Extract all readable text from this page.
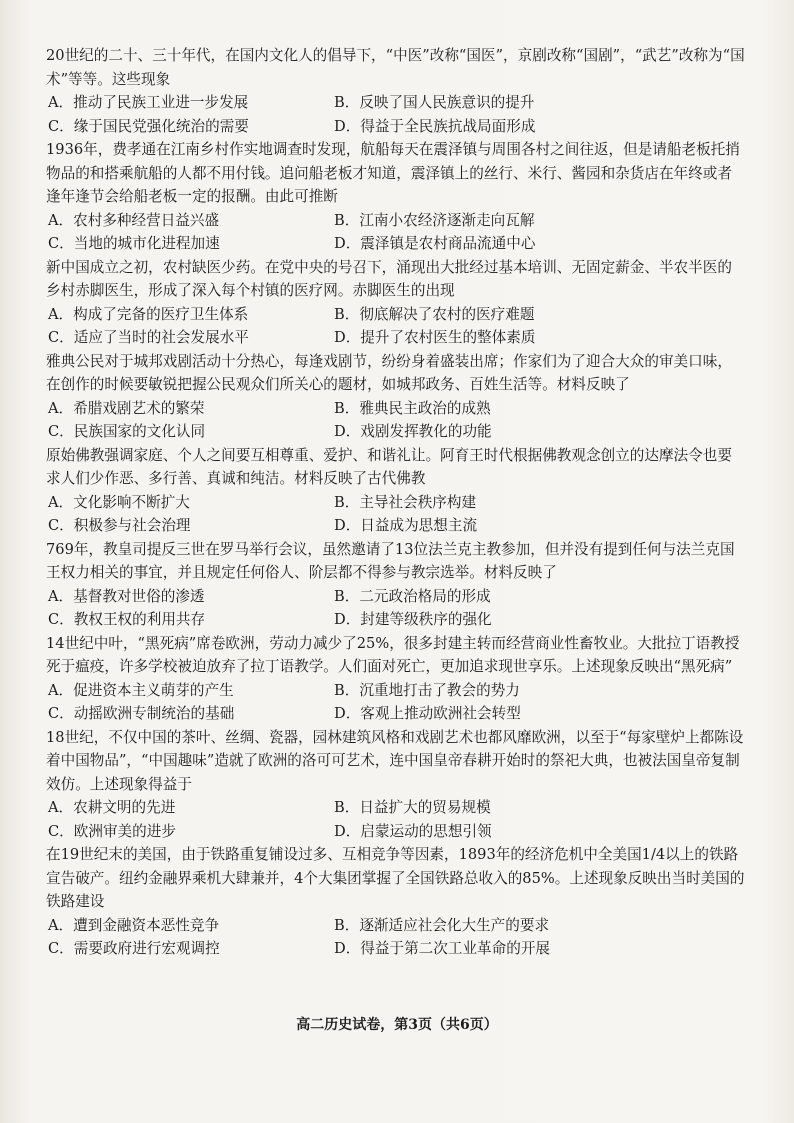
20世纪的二十、三十年代，在国内文化人的倡导下，“中医”改称“国医”，京剧改称“国剧”，“武艺”改称为“国术”等等。这些现象

A．推动了民族工业进一步发展	B．反映了国人民族意识的提升
C．缘于国民党强化统治的需要	D．得益于全民族抗战局面形成

1936年，费孝通在江南乡村作实地调查时发现，航船每天在震泽镇与周围各村之间往返，但是请船老板托捎物品的和搭乘航船的人都不用付钱。追问船老板才知道，震泽镇上的丝行、米行、酱园和杂货店在年终或者逢年逢节会给船老板一定的报酬。由此可推断

A．农村多种经营日益兴盛	B．江南小农经济逐渐走向瓦解
C．当地的城市化进程加速	D．震泽镇是农村商品流通中心

新中国成立之初，农村缺医少药。在党中央的号召下，涌现出大批经过基本培训、无固定薪金、半农半医的乡村赤脚医生，形成了深入每个村镇的医疗网。赤脚医生的出现

A．构成了完备的医疗卫生体系	B．彻底解决了农村的医疗难题
C．适应了当时的社会发展水平	D．提升了农村医生的整体素质

雅典公民对于城邦戏剧活动十分热心，每逢戏剧节，纷纷身着盛装出席；作家们为了迎合大众的审美口味，在创作的时候要敏锐把握公民观众们所关心的题材，如城邦政务、百姓生活等。材料反映了

A．希腊戏剧艺术的繁荣	B．雅典民主政治的成熟
C．民族国家的文化认同	D．戏剧发挥教化的功能

原始佛教强调家庭、个人之间要互相尊重、爱护、和谐礼让。阿育王时代根据佛教观念创立的达摩法令也要求人们少作恶、多行善、真诚和纯洁。材料反映了古代佛教

A．文化影响不断扩大	B．主导社会秩序构建
C．积极参与社会治理	D．日益成为思想主流

769年，教皇司提反三世在罗马举行会议，虽然邀请了13位法兰克主教参加，但并没有提到任何与法兰克国王权力相关的事宜，并且规定任何俗人、阶层都不得参与教宗选举。材料反映了

A．基督教对世俗的渗透	B．二元政治格局的形成
C．教权王权的利用共存	D．封建等级秩序的强化

14世纪中叶，“黑死病”席卷欧洲，劳动力减少了25%，很多封建主转而经营商业性畜牧业。大批拉丁语教授死于瘟疫，许多学校被迫放弃了拉丁语教学。人们面对死亡，更加追求现世享乐。上述现象反映出“黑死病”

A．促进资本主义萌芽的产生	B．沉重地打击了教会的势力
C．动摇欧洲专制统治的基础	D．客观上推动欧洲社会转型

18世纪，不仅中国的茶叶、丝绸、瓷器，园林建筑风格和戏剧艺术也都风靡欧洲，以至于“每家壁炉上都陈设着中国物品”，“中国趣味”造就了欧洲的洛可可艺术，连中国皇帝春耕开始时的祭祀大典，也被法国皇帝复制效仿。上述现象得益于

A．农耕文明的先进	B．日益扩大的贸易规模
C．欧洲审美的进步	D．启蒙运动的思想引领

在19世纪末的美国，由于铁路重复铺设过多、互相竞争等因素，1893年的经济危机中全美国1/4以上的铁路宣告破产。纽约金融界乘机大肆兼并，4个大集团掌握了全国铁路总收入的85%。上述现象反映出当时美国的铁路建设

A．遭到金融资本恶性竞争	B．逐渐适应社会化大生产的要求
C．需要政府进行宏观调控	D．得益于第二次工业革命的开展
高二历史试卷，第3页（共6页）
